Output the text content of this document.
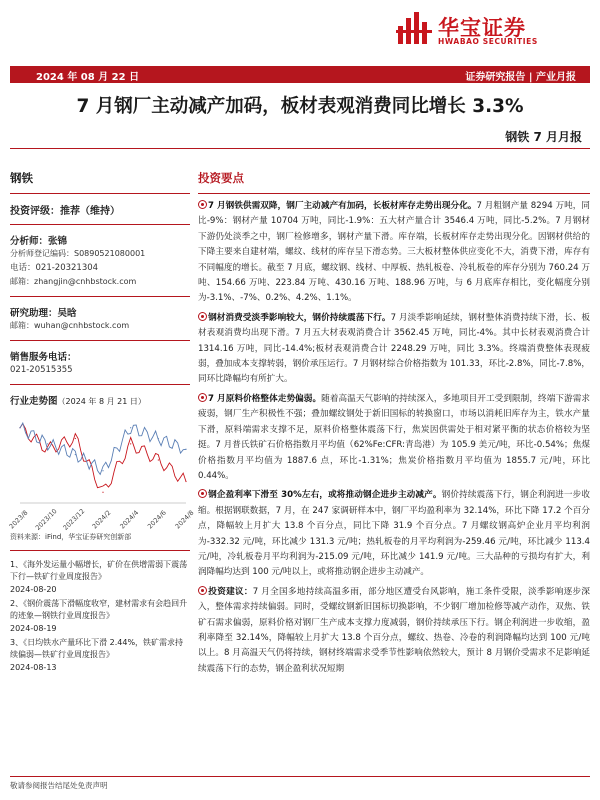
华宝证券
HWABAO SECURITIES
2024 年 08 月 22 日	证券研究报告 | 产业月报
7 月钢厂主动减产加码，板材表观消费同比增长 3.3%
钢铁 7 月月报
钢铁
投资评级：推荐（维持）
分析师：张锦
分析师登记编码：S0890521080001
电话：021-20321304
邮箱：zhangjin@cnhbstock.com
研究助理：吴晗
邮箱：wuhan@cnhbstock.com
销售服务电话：
021-20515355
行业走势图（2024 年 8 月 21 日）
2023/8 2023/10 2023/12 2024/2 2024/4 2024/6 2024/8
资料来源：iFind，华宝证券研究创新部
1、《海外发运量小幅增长，矿价在供增需弱下震荡下行—铁矿行业周度报告》
2024-08-20
2、《钢价震荡下滑幅度收窄，建材需求有会趋回升的迹象—钢铁行业周度报告》
2024-08-19
3、《日均铁水产量环比下滑 2.44%，铁矿需求持续偏弱—铁矿行业周度报告》
2024-08-13
投资要点
7 月钢铁供需双降，钢厂主动减产有加码，长板材库存走势出现分化。7 月粗钢产量 8294 万吨，同比-9%：钢材产量 10704 万吨，同比-1.9%：五大材产量合计 3546.4 万吨，同比-5.2%。7 月钢材下游仍处淡季之中，钢厂检修增多，钢材产量下滑。库存端，长板材库存走势出现分化。因钢材供给的下降主要来自建材端，螺纹、线材的库存呈下滑态势。三大板材整体供应变化不大，消费下滑，库存有不同幅度的增长。截至 7 月底，螺纹钢、线材、中厚板、热轧板卷、冷轧板卷的库存分别为 760.24 万吨、154.66 万吨、223.84 万吨、430.16 万吨、188.96 万吨，与 6 月底库存相比，变化幅度分别为-3.1%、-7%、0.2%、4.2%、1.1%。
钢材消费受淡季影响较大，钢价持续震荡下行。7 月淡季影响延续，钢材整体消费持续下滑，长、板材表观消费均出现下滑。7 月五大材表观消费合计 3562.45 万吨，同比-4%。其中长材表观消费合计 1314.16 万吨，同比-14.4%;板材表观消费合计 2248.29 万吨，同比 3.3%。终端消费整体表现疲弱，叠加成本支撑转弱，钢价承压运行。7 月钢材综合价格指数为 101.33，环比-2.8%，同比-7.8%，同环比降幅均有所扩大。
7 月原料价格整体走势偏弱。随着高温天气影响的持续深入，多地项目开工受到限制，终端下游需求疲弱，钢厂生产积极性不强；叠加螺纹钢处于新旧国标的转换窗口，市场以消耗旧库存为主，铁水产量下滑，原料端需求支撑不足，原料价格整体震荡下行，焦炭因供需处于相对紧平衡的状态价格较为坚挺。7 月普氏铁矿石价格指数月平均值（62%Fe:CFR:青岛港）为 105.9 美元/吨，环比-0.54%；焦煤价格指数月平均值为 1887.6 点，环比-1.31%；焦炭价格指数月平均值为 1855.7 元/吨，环比 0.44%。
钢企盈利率下滑至 30%左右，或将推动钢企进步主动减产。钢价持续震荡下行，钢企利润进一步收缩。根据钢联数据，7 月，在 247 家调研样本中，钢厂平均盈利率为 32.14%，环比下降 17.2 个百分点，降幅较上月扩大 13.8 个百分点，同比下降 31.9 个百分点。7 月螺纹钢高炉企业月平均利润为-332.32 元/吨，环比减少 131.3 元/吨；热轧板卷的月平均利润为-259.46 元/吨，环比减少 113.4 元/吨，冷轧板卷月平均利润为-215.09 元/吨，环比减少 141.9 元/吨。三大品种的亏损均有扩大，利润降幅均达到 100 元/吨以上，或将推动钢企进步主动减产。
投资建议：7 月全国多地持续高温多雨，部分地区遭受台风影响，施工条件受限，淡季影响逐步深入，整体需求持续偏弱。同时，受螺纹钢新旧国标切换影响，不少钢厂增加检修等减产动作，双焦、铁矿石需求偏弱，原料价格对钢厂生产成本支撑力度减弱，钢价持续承压下行。钢企利润进一步收缩，盈利率降至 32.14%，降幅较上月扩大 13.8 个百分点，螺纹、热卷、冷卷的利润降幅均达到 100 元/吨以上。8 月高温天气仍将持续，钢材终端需求受季节性影响依然较大，预计 8 月钢价受需求不足影响延续震荡下行的态势，钢企盈利状况短期
敬请参阅报告结尾处免责声明
